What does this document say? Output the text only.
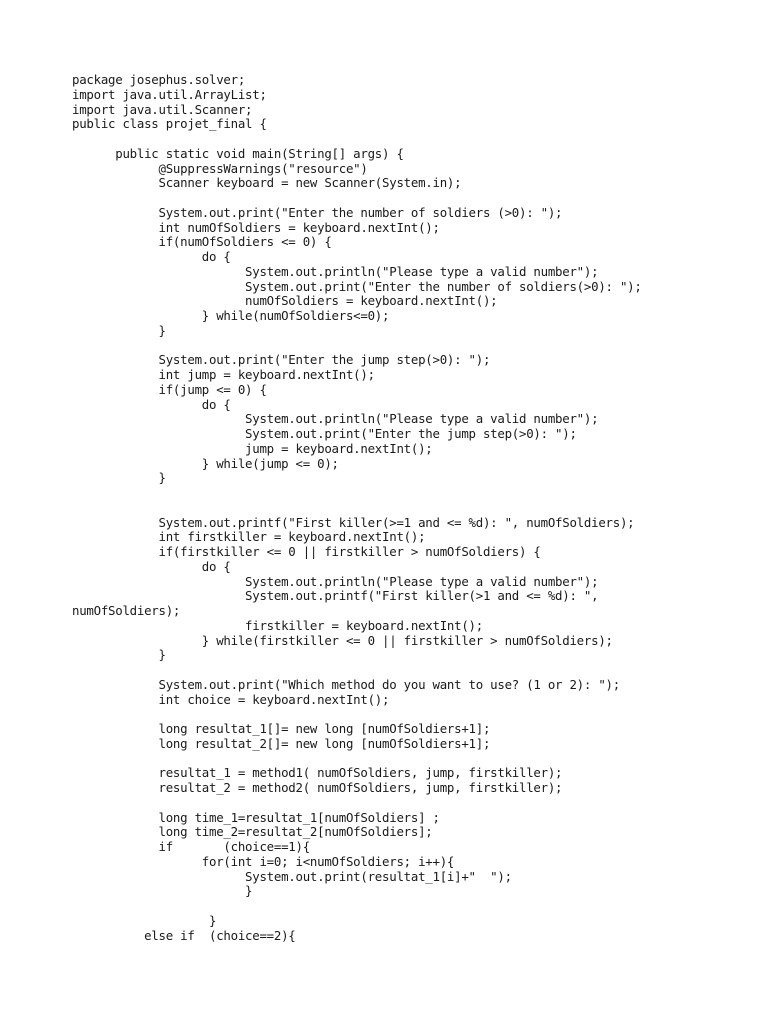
package josephus.solver;
import java.util.ArrayList;
import java.util.Scanner;
public class projet_final {
public static void main(String[] args) {
@SuppressWarnings("resource")
Scanner keyboard = new Scanner(System.in);
System.out.print("Enter the number of soldiers (>0): ");
int numOfSoldiers = keyboard.nextInt();
if(numOfSoldiers <= 0) {
do {
System.out.println("Please type a valid number");
System.out.print("Enter the number of soldiers(>0): ");
numOfSoldiers = keyboard.nextInt();
} while(numOfSoldiers<=0);
}
System.out.print("Enter the jump step(>0): ");
int jump = keyboard.nextInt();
if(jump <= 0) {
do {
System.out.println("Please type a valid number");
System.out.print("Enter the jump step(>0): ");
jump = keyboard.nextInt();
} while(jump <= 0);
}
System.out.printf("First killer(>=1 and <= %d): ", numOfSoldiers);
int firstkiller = keyboard.nextInt();
if(firstkiller <= 0 || firstkiller > numOfSoldiers) {
do {
System.out.println("Please type a valid number");
System.out.printf("First killer(>1 and <= %d): ",
numOfSoldiers);
firstkiller = keyboard.nextInt();
} while(firstkiller <= 0 || firstkiller > numOfSoldiers);
}
System.out.print("Which method do you want to use? (1 or 2): ");
int choice = keyboard.nextInt();
long resultat_1[]= new long [numOfSoldiers+1];
long resultat_2[]= new long [numOfSoldiers+1];
resultat_1 = method1( numOfSoldiers, jump, firstkiller);
resultat_2 = method2( numOfSoldiers, jump, firstkiller);
long time_1=resultat_1[numOfSoldiers] ;
long time_2=resultat_2[numOfSoldiers];
if       (choice==1){
for(int i=0; i<numOfSoldiers; i++){
System.out.print(resultat_1[i]+"  ");
}
}
else if  (choice==2){
